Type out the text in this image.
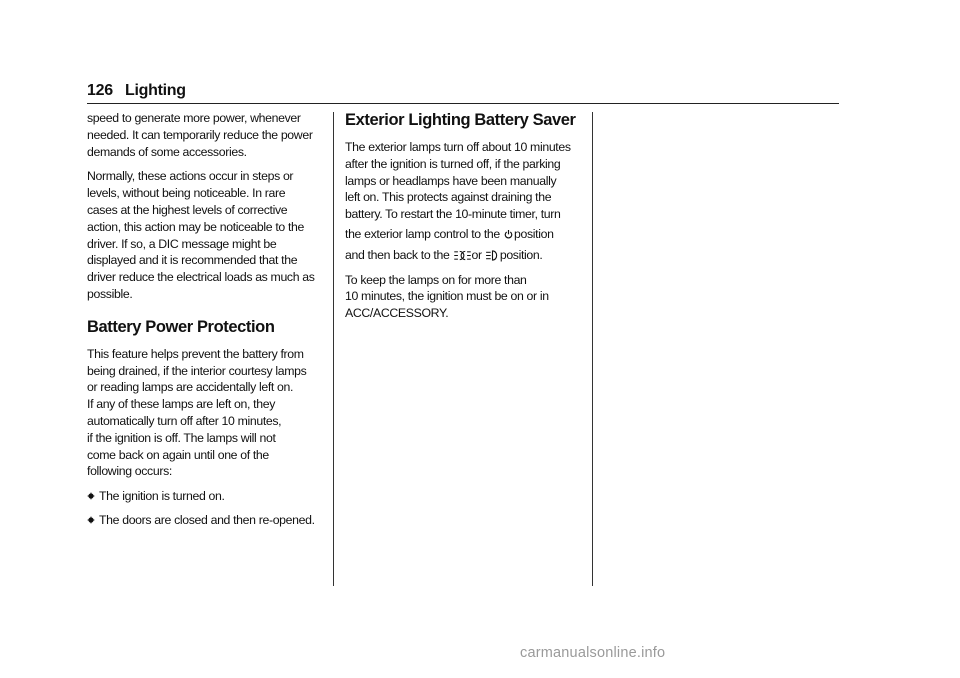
126 Lighting

speed to generate more power, whenever
needed. It can temporarily reduce the power
demands of some accessories.

Normally, these actions occur in steps or
levels, without being noticeable. In rare
cases at the highest levels of corrective
action, this action may be noticeable to the
driver. If so, a DIC message might be
displayed and it is recommended that the
driver reduce the electrical loads as much as
possible.

Battery Power Protection

This feature helps prevent the battery from
being drained, if the interior courtesy lamps
or reading lamps are accidentally left on.
If any of these lamps are left on, they
automatically turn off after 10 minutes,
if the ignition is off. The lamps will not
come back on again until one of the
following occurs:

The ignition is turned on.
The doors are closed and then re-opened.
Exterior Lighting Battery Saver

The exterior lamps turn off about 10 minutes
after the ignition is turned off, if the parking
lamps or headlamps have been manually
left on. This protects against draining the
battery. To restart the 10-minute timer, turn
the exterior lamp control to the position
and then back to the or position.

To keep the lamps on for more than
10 minutes, the ignition must be on or in
ACC/ACCESSORY.

carmanualsonline.info
